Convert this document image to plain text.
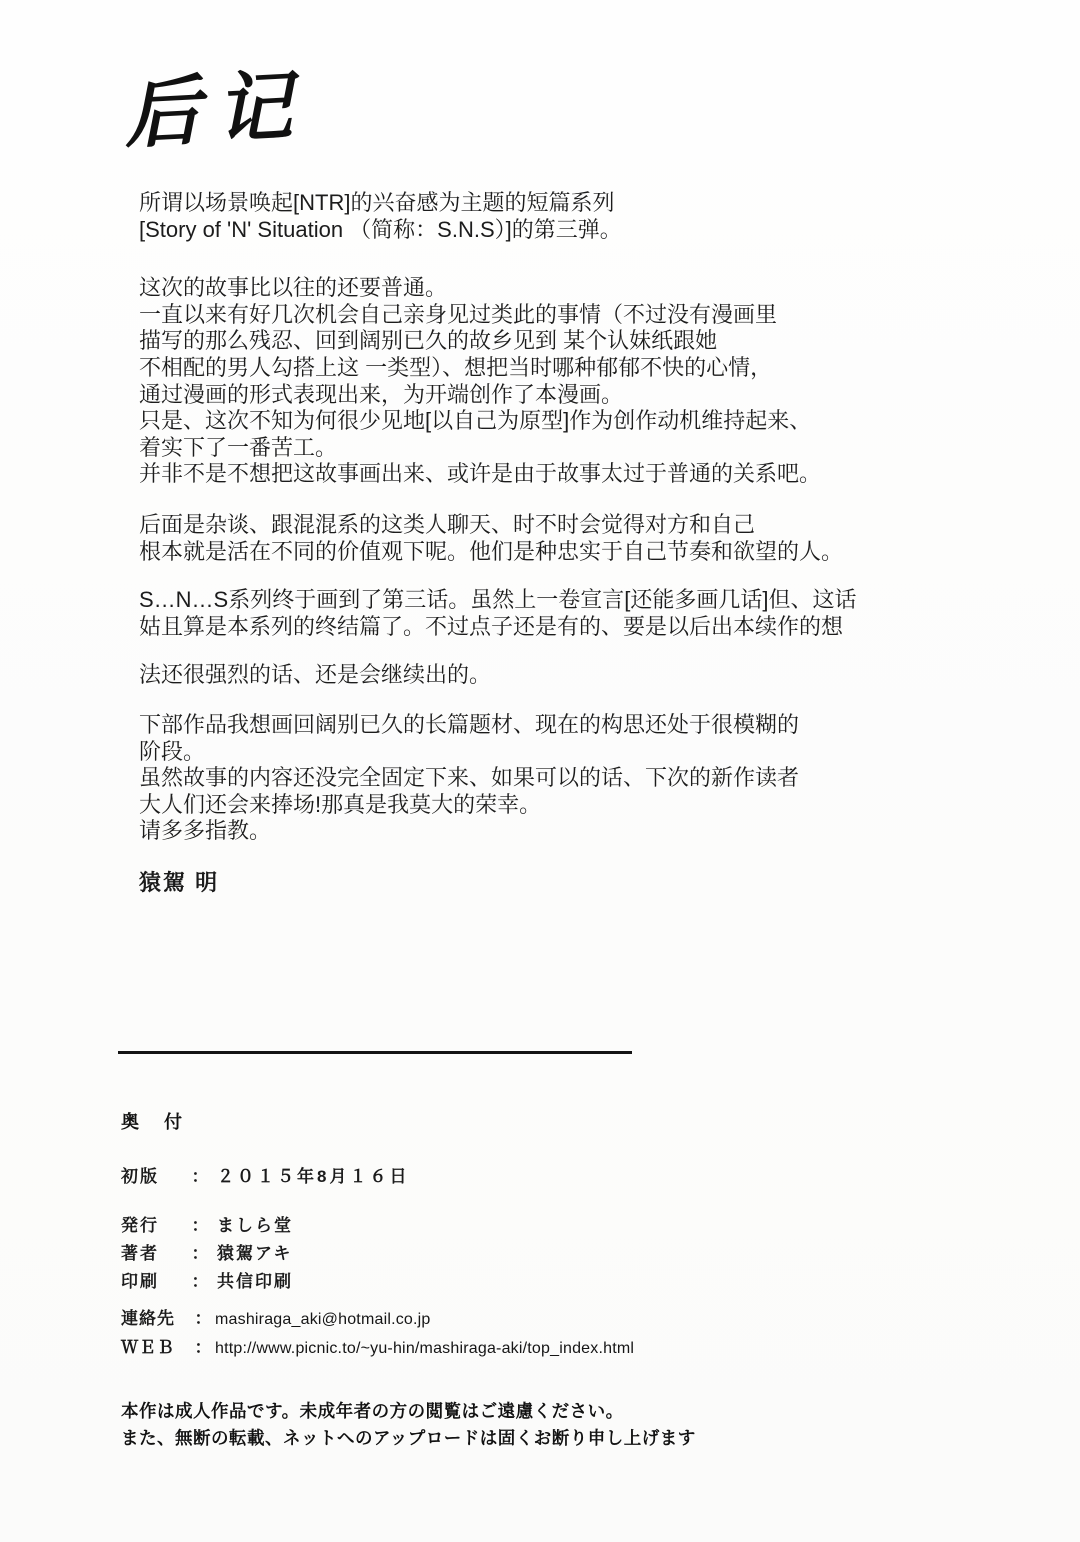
后记
所谓以场景唤起[NTR]的兴奋感为主题的短篇系列
[Story of 'N' Situation （简称：S.N.S）]的第三弹。
这次的故事比以往的还要普通。
一直以来有好几次机会自己亲身见过类此的事情（不过没有漫画里
描写的那么残忍、回到阔别已久的故乡见到 某个认妹纸跟她
不相配的男人勾搭上这 一类型）、想把当时哪种郁郁不快的心情，
通过漫画的形式表现出来，为开端创作了本漫画。
只是、这次不知为何很少见地[以自己为原型]作为创作动机维持起来、
着实下了一番苦工。
并非不是不想把这故事画出来、或许是由于故事太过于普通的关系吧。
后面是杂谈、跟混混系的这类人聊天、时不时会觉得对方和自己
根本就是活在不同的价值观下呢。他们是种忠实于自己节奏和欲望的人。
S…N…S系列终于画到了第三话。虽然上一卷宣言[还能多画几话]但、这话
姑且算是本系列的终结篇了。不过点子还是有的、要是以后出本续作的想
法还很强烈的话、还是会继续出的。
下部作品我想画回阔别已久的长篇题材、现在的构思还处于很模糊的
阶段。
虽然故事的内容还没完全固定下来、如果可以的话、下次的新作读者
大人们还会来捧场!那真是我莫大的荣幸。
请多多指教。
猿駕 明
奥 付
初版	： ２０１５年8月１６日
発行	： ましら堂
著者	： 猿駕アキ
印刷	： 共信印刷
連絡先	： mashiraga_aki@hotmail.co.jp
ＷＥＢ	： http://www.picnic.to/~yu-hin/mashiraga-aki/top_index.html
本作は成人作品です。未成年者の方の閲覧はご遠慮ください。
また、無断の転載、ネットへのアップロードは固くお断り申し上げます
